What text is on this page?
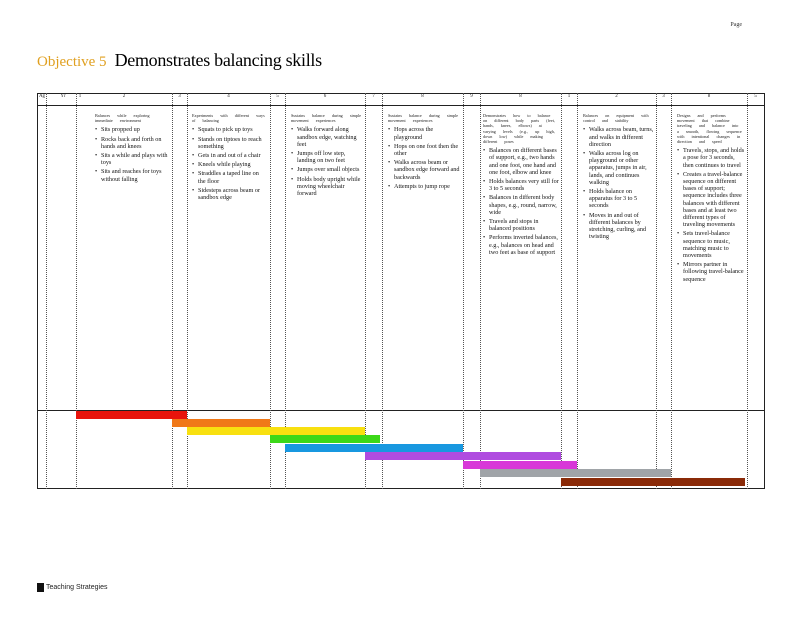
Page
Objective 5 Demonstrates balancing skills
Ag	Yr	1	2	3	4	5	6	7	8	9	8	1	2	3	8	5
Balances while exploring immediate environment
• Sits propped up
• Rocks back and forth on hands and knees
• Sits a while and plays with toys
• Sits and reaches for toys without falling
Experiments with different ways of balancing
• Squats to pick up toys
• Stands on tiptoes to reach something
• Gets in and out of a chair
• Kneels while playing
• Straddles a taped line on the floor
• Sidesteps across beam or sandbox edge
Sustains balance during simple movement experiences
• Walks forward along sandbox edge, watching feet
• Jumps off low step, landing on two feet
• Jumps over small objects
• Holds body upright while moving wheelchair forward
Sustains balance during simple movement experiences
• Hops across the playground
• Hops on one foot then the other
• Walks across beam or sandbox edge forward and backwards
• Attempts to jump rope
Demonstrates how to balance on different body parts (feet, hands, knees, elbows) at varying levels (e.g., up high, down low) while making different poses
• Balances on different bases of support, e.g., two hands and one foot, one hand and one foot, elbow and knee
• Holds balances very still for 3 to 5 seconds
• Balances in different body shapes, e.g., round, narrow, wide
• Travels and stops in balanced positions
• Performs inverted balances, e.g., balances on head and two feet as base of support
Balances on equipment with control and stability
• Walks across beam, turns, and walks in different direction
• Walks across log on playground or other apparatus, jumps in air, lands, and continues walking
• Holds balance on apparatus for 3 to 5 seconds
• Moves in and out of different balances by stretching, curling, and twisting
Designs and performs movement that combine traveling and balance into a smooth, flowing sequence with intentional changes in direction and speed
• Travels, stops, and holds a pose for 3 seconds, then continues to travel
• Creates a travel-balance sequence on different bases of support; sequence includes three balances with different bases and at least two different types of traveling movements
• Sets travel-balance sequence to music, matching music to movements
• Mirrors partner in following travel-balance sequence
Teaching Strategies
